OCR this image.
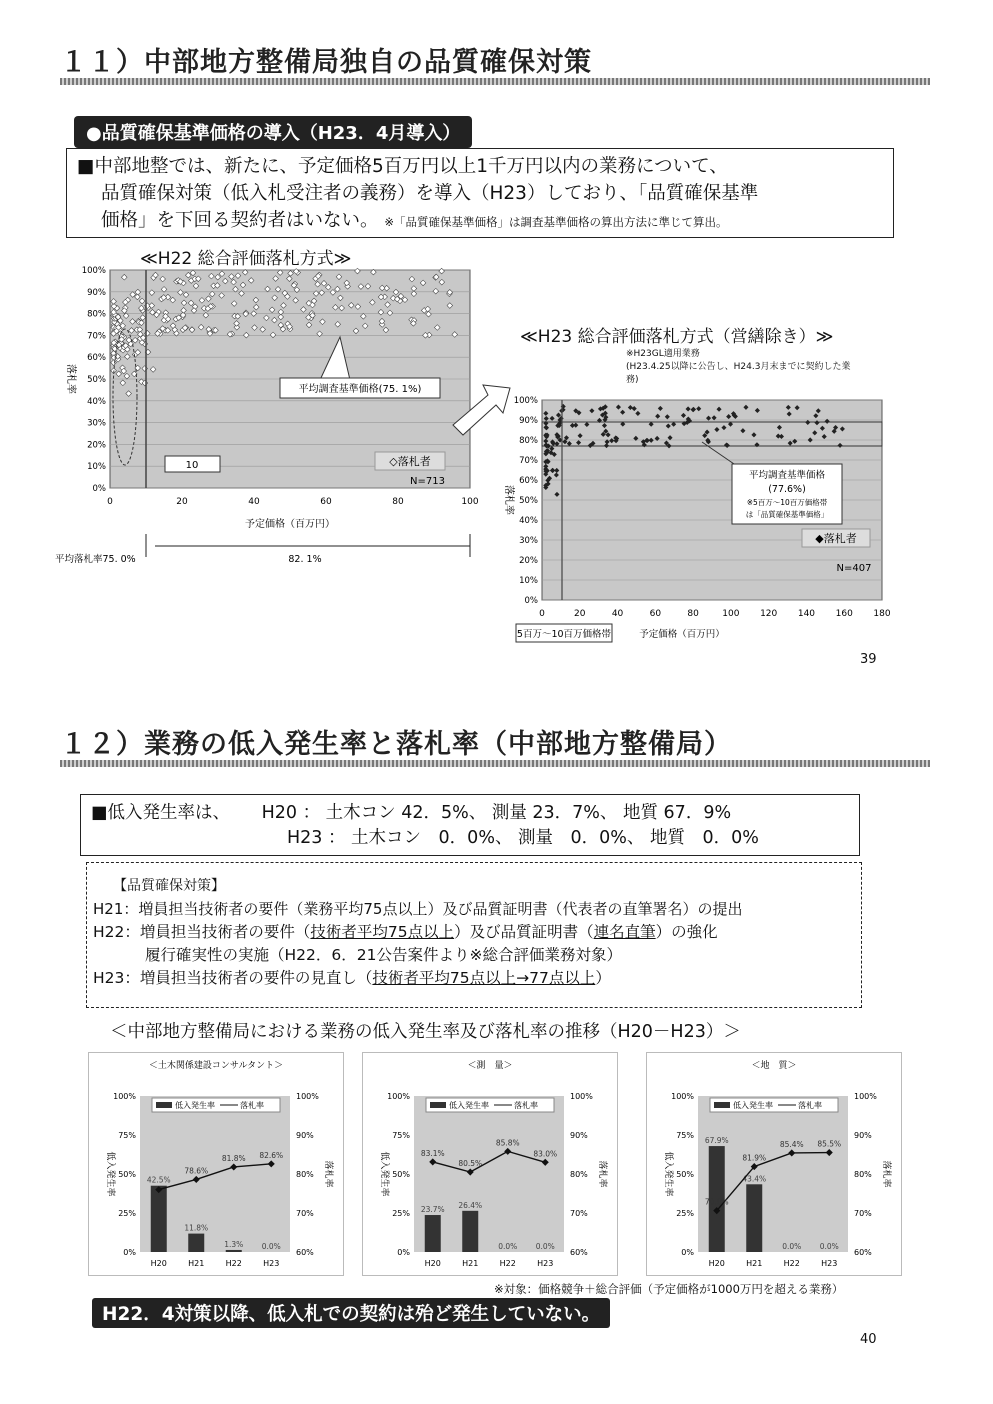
１１）中部地方整備局独自の品質確保対策
●品質確保基準価格の導入（H23．4月導入）
■中部地整では、新たに、予定価格5百万円以上1千万円以内の業務について、
品質確保対策（低入札受注者の義務）を導入（H23）しており、「品質確保基準
価格」を下回る契約者はいない。 ※「品質確保基準価格」は調査基準価格の算出方法に準じて算出。
≪H22 総合評価落札方式≫
100%
90%
80%
70%
60%
50%
40%
30%
20%
10%
0%
0	20	40	60	80	100
平均調査基準価格(75. 1%)
◇落札者
N=713
10
予定価格（百万円）
落札率
平均落札率75. 0%	82. 1%
≪H23 総合評価落札方式（営繕除き）≫
※H23GL適用業務
(H23.4.25以降に公告し、H24.3月末までに契約した業
務)
100%
90%
80%
70%
60%
50%
40%
30%
20%
10%
0%
0	20	40	60	80	100 120 140 160 180
平均調査基準価格
(77.6%)
※5百万～10百万価格帯
は「品質確保基準価格」
◆落札者
N=407
落札率
5百万～10百万価格帯	予定価格（百万円）
39
１２）業務の低入発生率と落札率（中部地方整備局）
■低入発生率は、 H20 ： 土木コン 42．5%、 測量 23．7%、 地質 67．9%
H23 ： 土木コン　0．0%、 測量　0．0%、 地質　0．0%
【品質確保対策】
H21：増員担当技術者の要件（業務平均75点以上）及び品質証明書（代表者の直筆署名）の提出
H22：増員担当技術者の要件（技術者平均75点以上）及び品質証明書（連名直筆）の強化
履行確実性の実施（H22．6．21公告案件より※総合評価業務対象）
H23：増員担当技術者の要件の見直し（技術者平均75点以上→77点以上）
＜中部地方整備局における業務の低入発生率及び落札率の推移（H20－H23）＞
＜土木関係建設コンサルタント＞
低入発生率	落札率
100%
75%
50%
25%
0%
100%
90%
80%
70%
60%
低入発生率	落札率
H20
42.5%
H21
11.8%
H22
1.3%
H23
0.0%
78.6%
81.8% 82.6%
＜測　量＞
低入発生率	落札率
100%
75%
50%
25%
0%
100%
90%
80%
70%
60%
低入発生率	落札率
H20
23.7%
H21
26.4%
H22
0.0%
H23
0.0%
83.1%
80.5%
85.8%
83.0%
＜地　質＞
低入発生率	落札率
100%
75%
50%
25%
0%
100%
90%
80%
70%
60%
低入発生率	落札率
H20
67.9%
H21
43.4%
H22
0.0%
H23
0.0%
70.6%
81.9%
85.4% 85.5%
※対象：価格競争＋総合評価（予定価格が1000万円を超える業務）
H22．4対策以降、低入札での契約は殆ど発生していない。
40
